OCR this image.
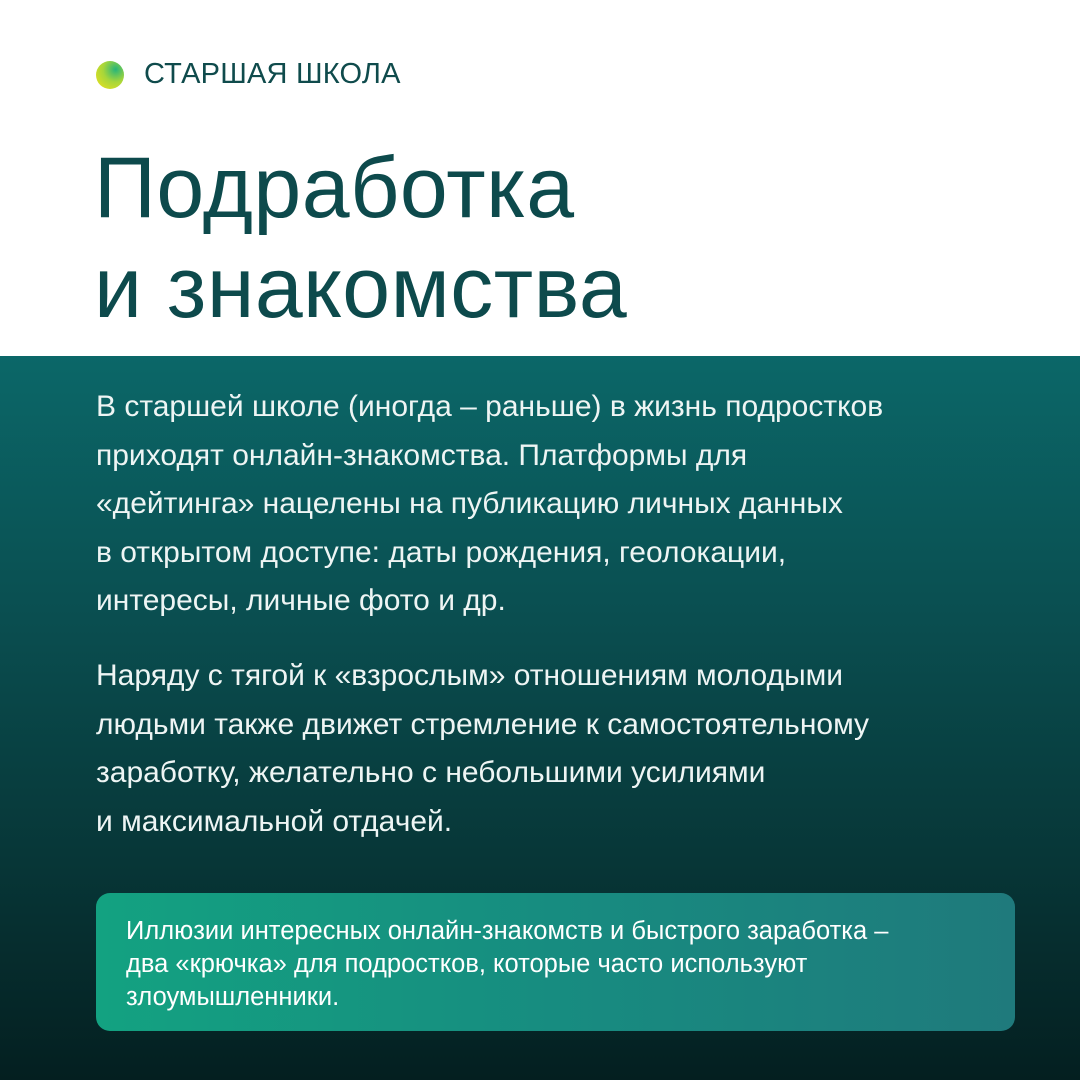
СТАРШАЯ ШКОЛА
Подработка
и знакомства

В старшей школе (иногда – раньше) в жизнь подростков
приходят онлайн-знакомства. Платформы для
«дейтинга» нацелены на публикацию личных данных
в открытом доступе: даты рождения, геолокации,
интересы, личные фото и др.

Наряду с тягой к «взрослым» отношениям молодыми
людьми также движет стремление к самостоятельному
заработку, желательно с небольшими усилиями
и максимальной отдачей.

Иллюзии интересных онлайн-знакомств и быстрого заработка –
два «крючка» для подростков, которые часто используют
злоумышленники.
